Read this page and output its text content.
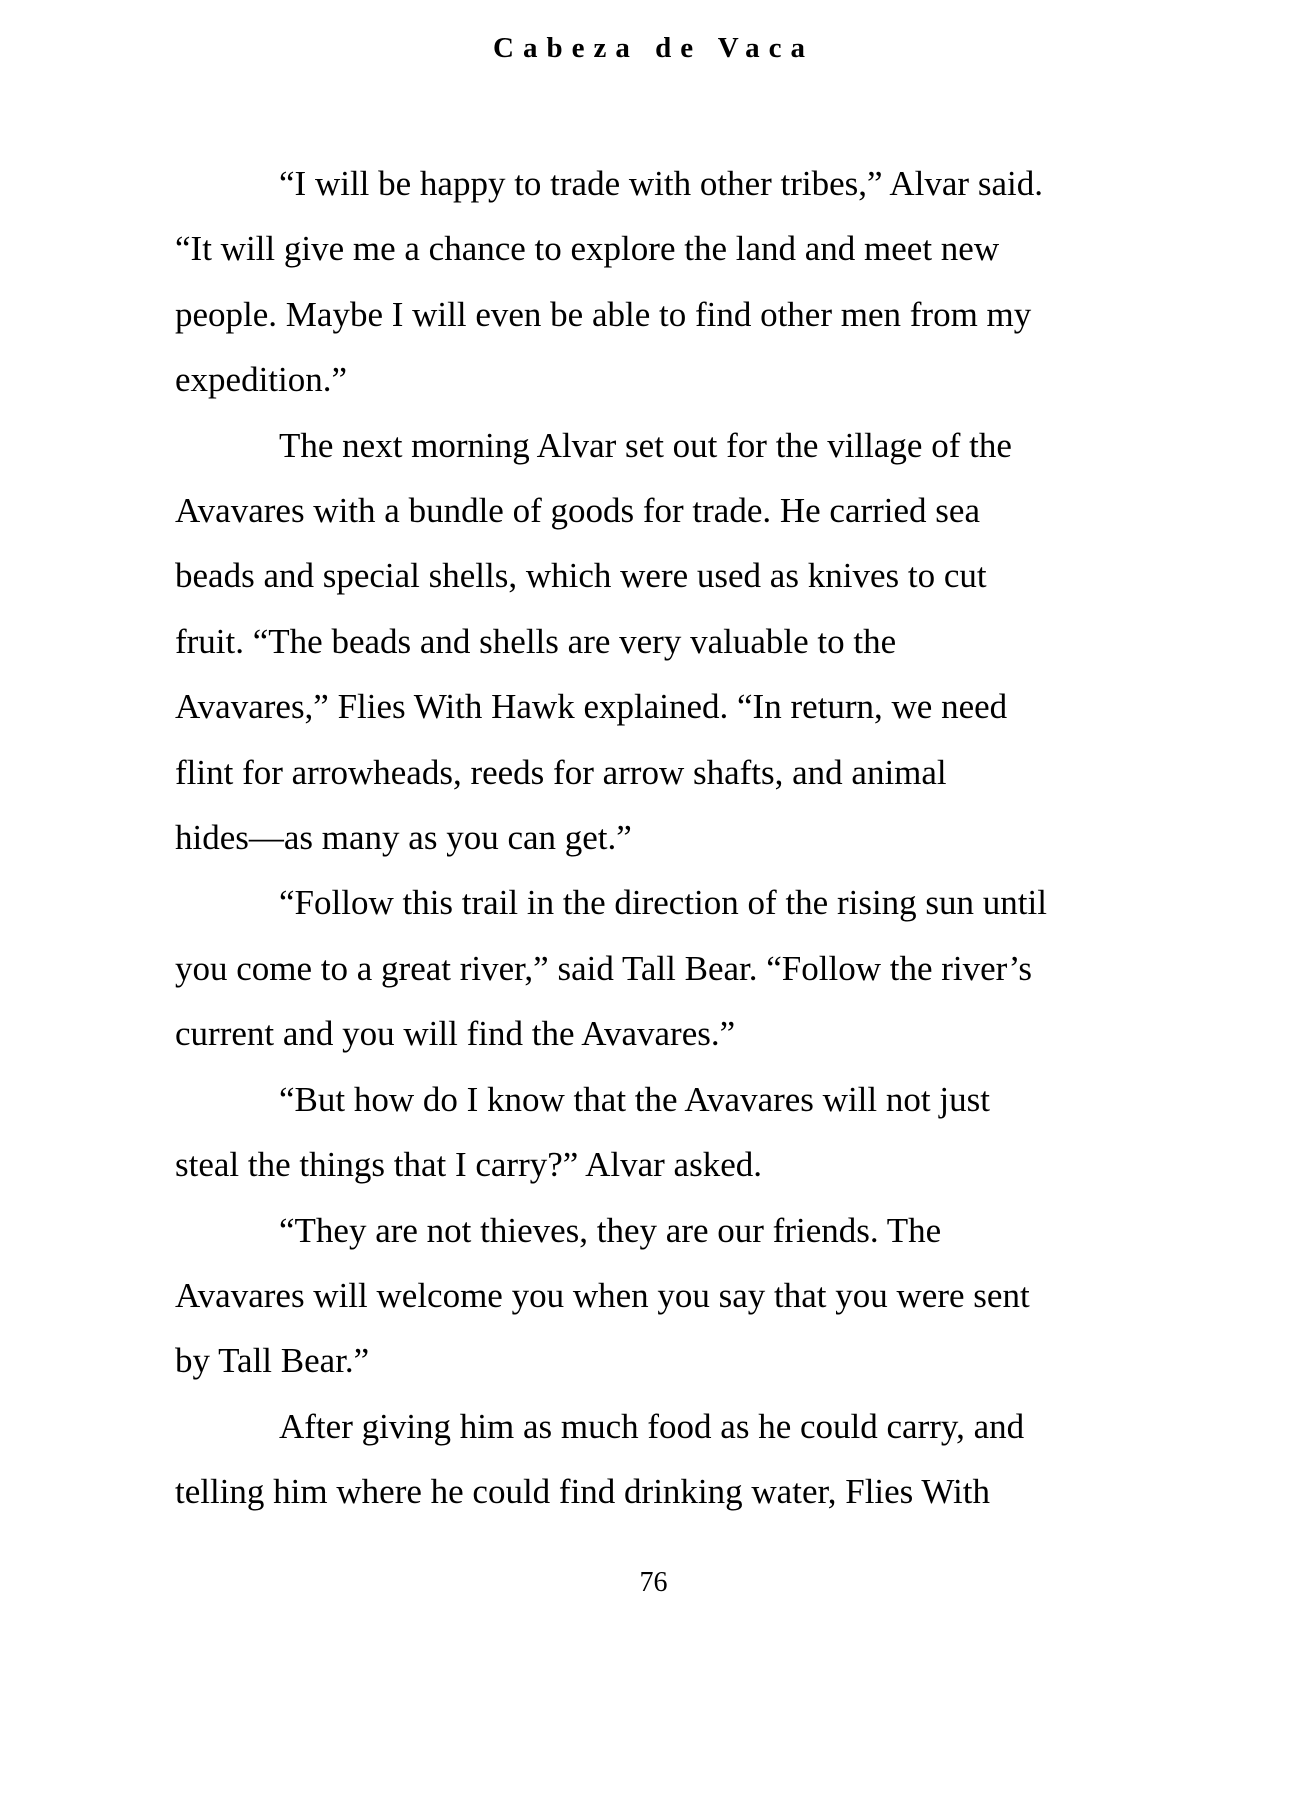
Cabeza de Vaca
“I will be happy to trade with other tribes,” Alvar said.
“It will give me a chance to explore the land and meet new
people. Maybe I will even be able to find other men from my
expedition.”
The next morning Alvar set out for the village of the
Avavares with a bundle of goods for trade. He carried sea
beads and special shells, which were used as knives to cut
fruit. “The beads and shells are very valuable to the
Avavares,” Flies With Hawk explained. “In return, we need
flint for arrowheads, reeds for arrow shafts, and animal
hides—as many as you can get.”
“Follow this trail in the direction of the rising sun until
you come to a great river,” said Tall Bear. “Follow the river’s
current and you will find the Avavares.”
“But how do I know that the Avavares will not just
steal the things that I carry?” Alvar asked.
“They are not thieves, they are our friends. The
Avavares will welcome you when you say that you were sent
by Tall Bear.”
After giving him as much food as he could carry, and
telling him where he could find drinking water, Flies With
76
